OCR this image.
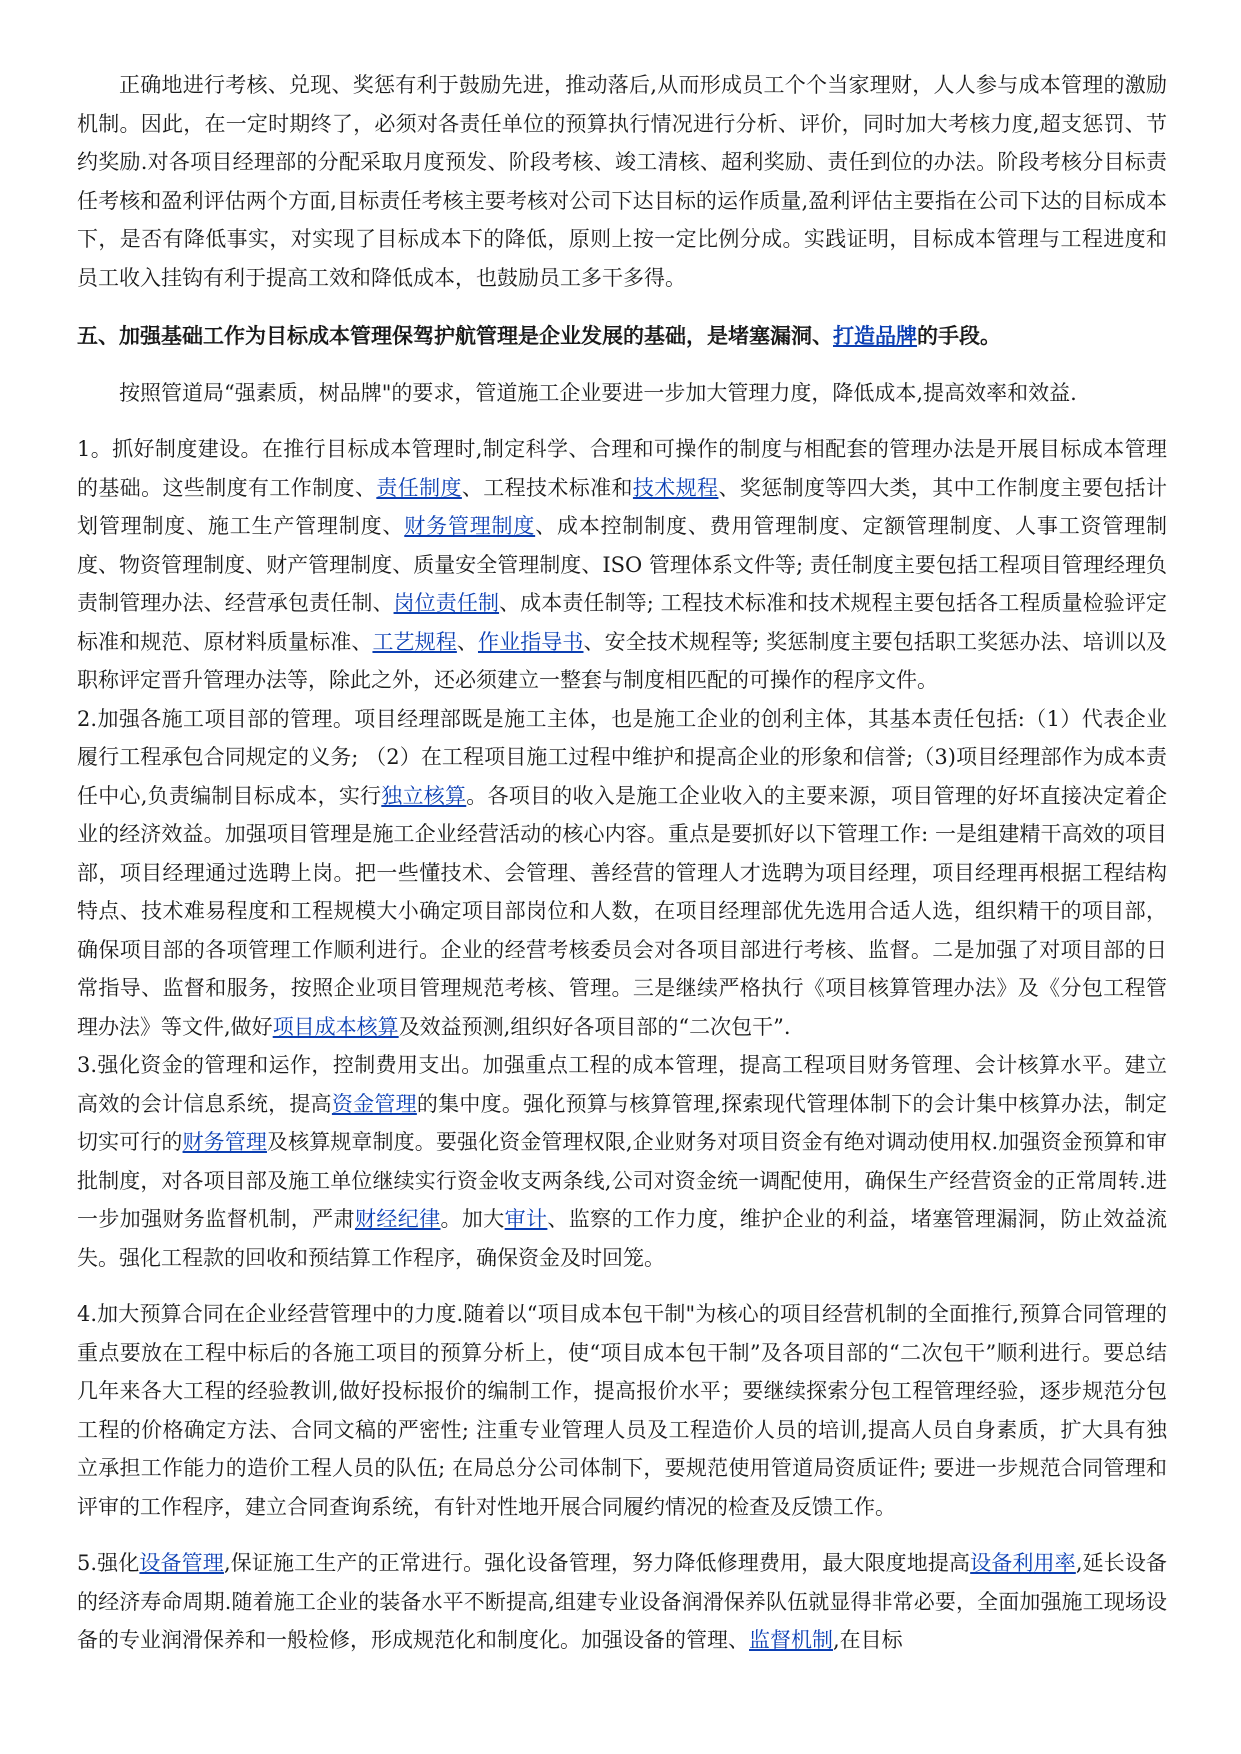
正确地进行考核、兑现、奖惩有利于鼓励先进，推动落后,从而形成员工个个当家理财，人人参与成本管理的激励机制。因此，在一定时期终了，必须对各责任单位的预算执行情况进行分析、评价，同时加大考核力度,超支惩罚、节约奖励.对各项目经理部的分配采取月度预发、阶段考核、竣工清核、超利奖励、责任到位的办法。阶段考核分目标责任考核和盈利评估两个方面,目标责任考核主要考核对公司下达目标的运作质量,盈利评估主要指在公司下达的目标成本下，是否有降低事实，对实现了目标成本下的降低，原则上按一定比例分成。实践证明，目标成本管理与工程进度和员工收入挂钩有利于提高工效和降低成本，也鼓励员工多干多得。

五、加强基础工作为目标成本管理保驾护航管理是企业发展的基础，是堵塞漏洞、打造品牌的手段。

按照管道局“强素质，树品牌"的要求，管道施工企业要进一步加大管理力度，降低成本,提高效率和效益.

1。抓好制度建设。在推行目标成本管理时,制定科学、合理和可操作的制度与相配套的管理办法是开展目标成本管理的基础。这些制度有工作制度、责任制度、工程技术标准和技术规程、奖惩制度等四大类，其中工作制度主要包括计划管理制度、施工生产管理制度、财务管理制度、成本控制制度、费用管理制度、定额管理制度、人事工资管理制度、物资管理制度、财产管理制度、质量安全管理制度、ISO 管理体系文件等; 责任制度主要包括工程项目管理经理负责制管理办法、经营承包责任制、岗位责任制、成本责任制等; 工程技术标准和技术规程主要包括各工程质量检验评定标准和规范、原材料质量标准、工艺规程、作业指导书、安全技术规程等; 奖惩制度主要包括职工奖惩办法、培训以及职称评定晋升管理办法等，除此之外，还必须建立一整套与制度相匹配的可操作的程序文件。

2.加强各施工项目部的管理。项目经理部既是施工主体，也是施工企业的创利主体，其基本责任包括:（1）代表企业履行工程承包合同规定的义务; （2）在工程项目施工过程中维护和提高企业的形象和信誉;（3)项目经理部作为成本责任中心,负责编制目标成本，实行独立核算。各项目的收入是施工企业收入的主要来源，项目管理的好坏直接决定着企业的经济效益。加强项目管理是施工企业经营活动的核心内容。重点是要抓好以下管理工作: 一是组建精干高效的项目部，项目经理通过选聘上岗。把一些懂技术、会管理、善经营的管理人才选聘为项目经理，项目经理再根据工程结构特点、技术难易程度和工程规模大小确定项目部岗位和人数，在项目经理部优先选用合适人选，组织精干的项目部，确保项目部的各项管理工作顺利进行。企业的经营考核委员会对各项目部进行考核、监督。二是加强了对项目部的日常指导、监督和服务，按照企业项目管理规范考核、管理。三是继续严格执行《项目核算管理办法》及《分包工程管理办法》等文件,做好项目成本核算及效益预测,组织好各项目部的“二次包干”.

3.强化资金的管理和运作，控制费用支出。加强重点工程的成本管理，提高工程项目财务管理、会计核算水平。建立高效的会计信息系统，提高资金管理的集中度。强化预算与核算管理,探索现代管理体制下的会计集中核算办法，制定切实可行的财务管理及核算规章制度。要强化资金管理权限,企业财务对项目资金有绝对调动使用权.加强资金预算和审批制度，对各项目部及施工单位继续实行资金收支两条线,公司对资金统一调配使用，确保生产经营资金的正常周转.进一步加强财务监督机制，严肃财经纪律。加大审计、监察的工作力度，维护企业的利益，堵塞管理漏洞，防止效益流失。强化工程款的回收和预结算工作程序，确保资金及时回笼。

4.加大预算合同在企业经营管理中的力度.随着以“项目成本包干制"为核心的项目经营机制的全面推行,预算合同管理的重点要放在工程中标后的各施工项目的预算分析上，使“项目成本包干制”及各项目部的“二次包干”顺利进行。要总结几年来各大工程的经验教训,做好投标报价的编制工作，提高报价水平；要继续探索分包工程管理经验，逐步规范分包工程的价格确定方法、合同文稿的严密性; 注重专业管理人员及工程造价人员的培训,提高人员自身素质，扩大具有独立承担工作能力的造价工程人员的队伍; 在局总分公司体制下，要规范使用管道局资质证件; 要进一步规范合同管理和评审的工作程序，建立合同查询系统，有针对性地开展合同履约情况的检查及反馈工作。

5.强化设备管理,保证施工生产的正常进行。强化设备管理，努力降低修理费用，最大限度地提高设备利用率,延长设备的经济寿命周期.随着施工企业的装备水平不断提高,组建专业设备润滑保养队伍就显得非常必要，全面加强施工现场设备的专业润滑保养和一般检修，形成规范化和制度化。加强设备的管理、监督机制,在目标
